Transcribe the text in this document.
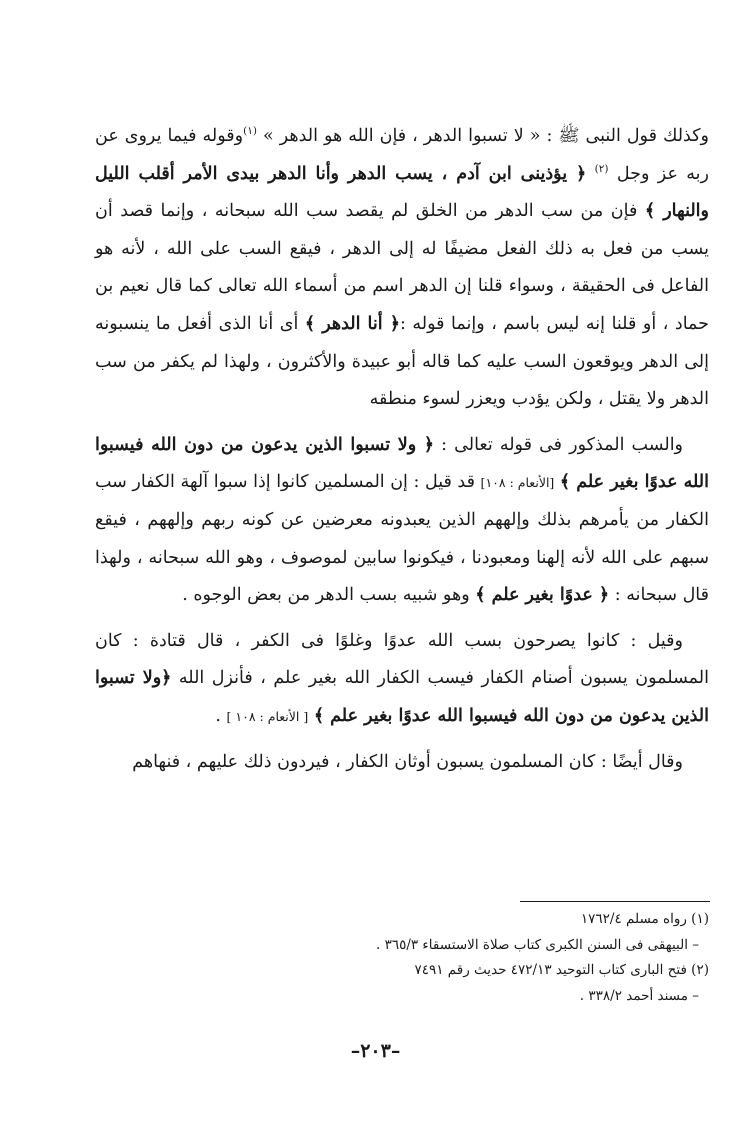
وكذلك قول النبى ﷺ : « لا تسبوا الدهر ، فإن الله هو الدهر » $^{(١)}$وقوله فيما يروى عن ربه عز وجل $^{(٢)}$ ﴿ يؤذينى ابن آدم ، يسب الدهر وأنا الدهر بيدى الأمر أقلب الليل والنهار ﴾ فإن من سب الدهر من الخلق لم يقصد سب الله سبحانه ، وإنما قصد أن يسب من فعل به ذلك الفعل مضيفًا له إلى الدهر ، فيقع السب على الله ، لأنه هو الفاعل فى الحقيقة ، وسواء قلنا إن الدهر اسم من أسماء الله تعالى كما قال نعيم بن حماد ، أو قلنا إنه ليس باسم ، وإنما قوله :﴿ أنا الدهر ﴾ أى أنا الذى أفعل ما ينسبونه إلى الدهر ويوقعون السب عليه كما قاله أبو عبيدة والأكثرون ، ولهذا لم يكفر من سب الدهر ولا يقتل ، ولكن يؤدب ويعزر لسوء منطقه

والسب المذكور فى قوله تعالى : ﴿ ولا تسبوا الذين يدعون من دون الله فيسبوا الله عدوًا بغير علم ﴾ [الأنعام : ١٠٨] قد قيل : إن المسلمين كانوا إذا سبوا آلهة الكفار سب الكفار من يأمرهم بذلك وإلههم الذين يعبدونه معرضين عن كونه ربهم وإلههم ، فيقع سبهم على الله لأنه إلهنا ومعبودنا ، فيكونوا سابين لموصوف ، وهو الله سبحانه ، ولهذا قال سبحانه : ﴿ عدوًا بغير علم ﴾ وهو شبيه بسب الدهر من بعض الوجوه .

وقيل : كانوا يصرحون بسب الله عدوًا وغلوًا فى الكفر ، قال قتادة : كان المسلمون يسبون أصنام الكفار فيسب الكفار الله بغير علم ، فأنزل الله ﴿ولا تسبوا الذين يدعون من دون الله فيسبوا الله عدوًا بغير علم ﴾ [ الأنعام : ١٠٨ ] .

وقال أيضًا : كان المسلمون يسبون أوثان الكفار ، فيردون ذلك عليهم ، فنهاهم

(١) رواه مسلم ١٧٦٢/٤
– البيهقى فى السنن الكبرى كتاب صلاة الاستسقاء ٣٦٥/٣ .
(٢) فتح البارى كتاب التوحيد ٤٧٢/١٣ حديث رقم ٧٤٩١
– مسند أحمد ٣٣٨/٢ .
–٢٠٣–
